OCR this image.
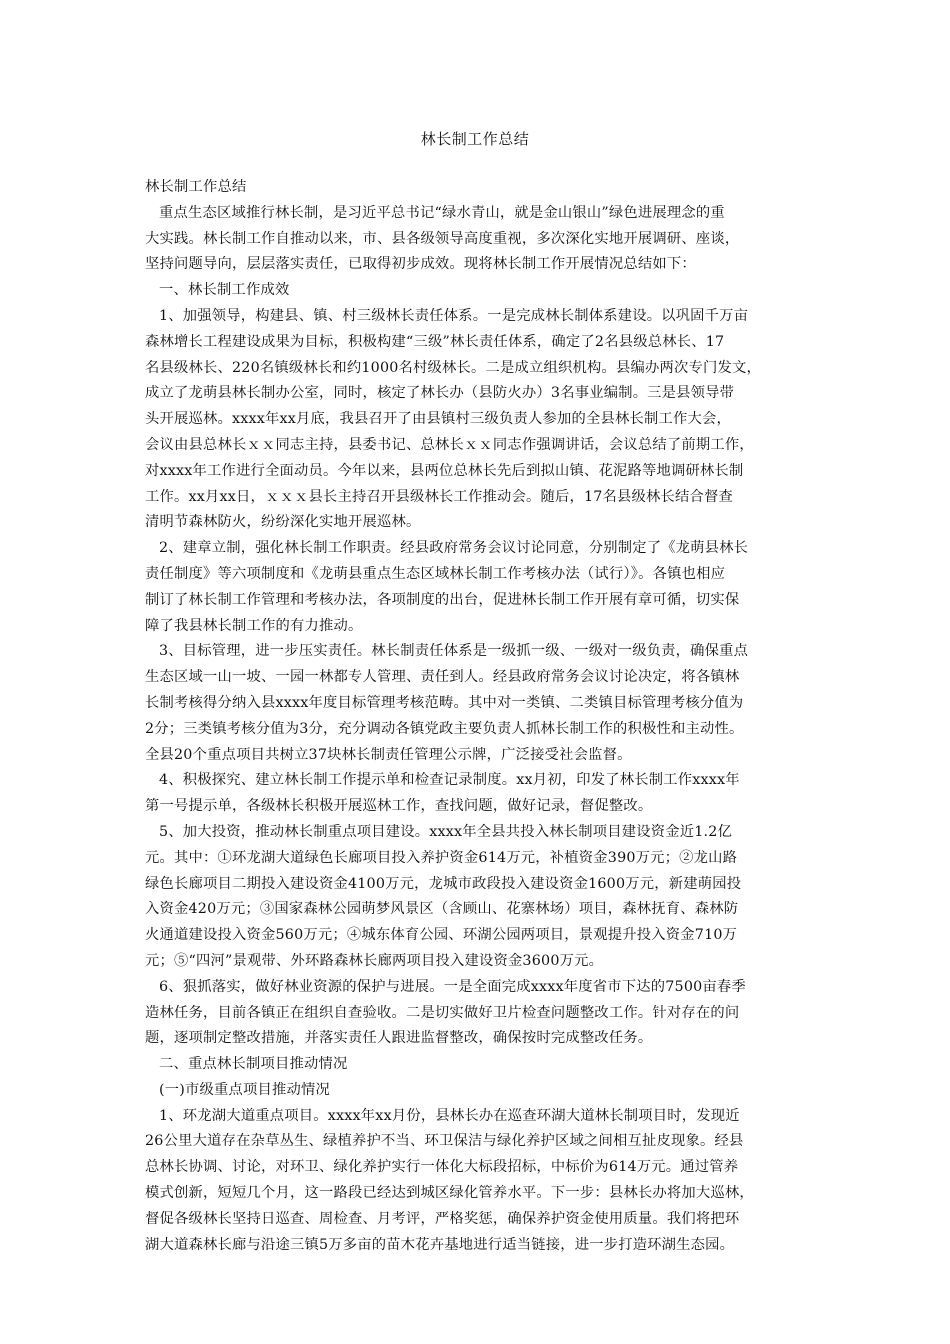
林长制工作总结
林长制工作总结
重点生态区域推行林长制，是习近平总书记“绿水青山，就是金山银山”绿色进展理念的重
大实践。林长制工作自推动以来，市、县各级领导高度重视，多次深化实地开展调研、座谈，
坚持问题导向，层层落实责任，已取得初步成效。现将林长制工作开展情况总结如下：
一、林长制工作成效
1、加强领导，构建县、镇、村三级林长责任体系。一是完成林长制体系建设。以巩固千万亩
森林增长工程建设成果为目标，积极构建“三级”林长责任体系，确定了2名县级总林长、17
名县级林长、220名镇级林长和约1000名村级林长。二是成立组织机构。县编办两次专门发文，
成立了龙萌县林长制办公室，同时，核定了林长办（县防火办）3名事业编制。三是县领导带
头开展巡林。xxxx年xx月底，我县召开了由县镇村三级负责人参加的全县林长制工作大会，
会议由县总林长ｘｘ同志主持，县委书记、总林长ｘｘ同志作强调讲话，会议总结了前期工作，
对xxxx年工作进行全面动员。今年以来，县两位总林长先后到拟山镇、花泥路等地调研林长制
工作。xx月xx日，ｘｘｘ县长主持召开县级林长工作推动会。随后，17名县级林长结合督查
清明节森林防火，纷纷深化实地开展巡林。
2、建章立制，强化林长制工作职责。经县政府常务会议讨论同意，分别制定了《龙萌县林长
责任制度》等六项制度和《龙萌县重点生态区域林长制工作考核办法（试行）》。各镇也相应
制订了林长制工作管理和考核办法，各项制度的出台，促进林长制工作开展有章可循，切实保
障了我县林长制工作的有力推动。
3、目标管理，进一步压实责任。林长制责任体系是一级抓一级、一级对一级负责，确保重点
生态区域一山一坡、一园一林都专人管理、责任到人。经县政府常务会议讨论决定，将各镇林
长制考核得分纳入县xxxx年度目标管理考核范畴。其中对一类镇、二类镇目标管理考核分值为
2分；三类镇考核分值为3分，充分调动各镇党政主要负责人抓林长制工作的积极性和主动性。
全县20个重点项目共树立37块林长制责任管理公示牌，广泛接受社会监督。
4、积极探究、建立林长制工作提示单和检查记录制度。xx月初，印发了林长制工作xxxx年
第一号提示单，各级林长积极开展巡林工作，查找问题，做好记录，督促整改。
5、加大投资，推动林长制重点项目建设。xxxx年全县共投入林长制项目建设资金近1.2亿
元。其中：①环龙湖大道绿色长廊项目投入养护资金614万元，补植资金390万元；②龙山路
绿色长廊项目二期投入建设资金4100万元，龙城市政段投入建设资金1600万元，新建萌园投
入资金420万元；③国家森林公园萌梦风景区（含顾山、花寨林场）项目，森林抚育、森林防
火通道建设投入资金560万元；④城东体育公园、环湖公园两项目，景观提升投入资金710万
元；⑤“四河”景观带、外环路森林长廊两项目投入建设资金3600万元。
6、狠抓落实，做好林业资源的保护与进展。一是全面完成xxxx年度省市下达的7500亩春季
造林任务，目前各镇正在组织自查验收。二是切实做好卫片检查问题整改工作。针对存在的问
题，逐项制定整改措施，并落实责任人跟进监督整改，确保按时完成整改任务。
二、重点林长制项目推动情况
(一)市级重点项目推动情况
1、环龙湖大道重点项目。xxxx年xx月份，县林长办在巡查环湖大道林长制项目时，发现近
26公里大道存在杂草丛生、绿植养护不当、环卫保洁与绿化养护区域之间相互扯皮现象。经县
总林长协调、讨论，对环卫、绿化养护实行一体化大标段招标，中标价为614万元。通过管养
模式创新，短短几个月，这一路段已经达到城区绿化管养水平。下一步：县林长办将加大巡林，
督促各级林长坚持日巡查、周检查、月考评，严格奖惩，确保养护资金使用质量。我们将把环
湖大道森林长廊与沿途三镇5万多亩的苗木花卉基地进行适当链接，进一步打造环湖生态园。
